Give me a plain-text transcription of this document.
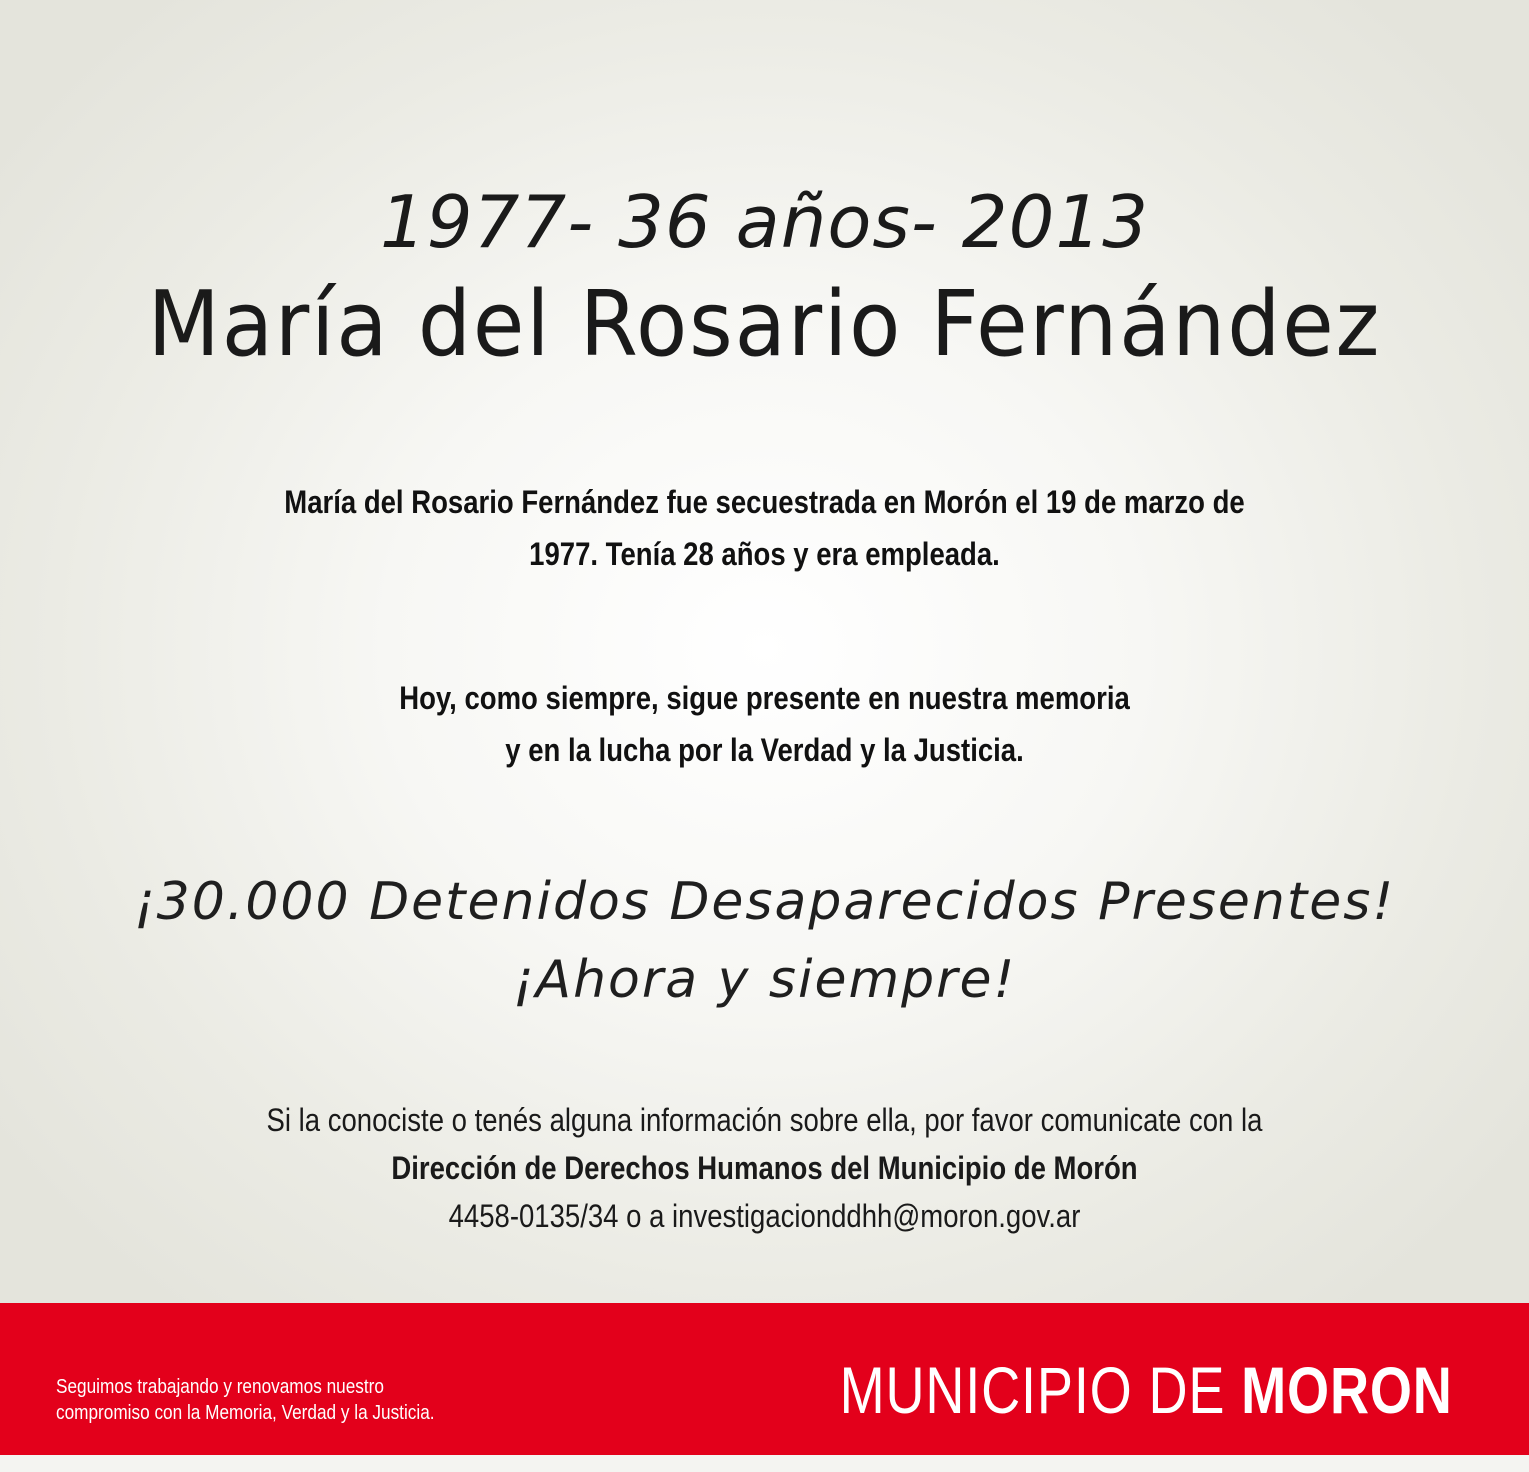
1977- 36 años- 2013
María del Rosario Fernández
María del Rosario Fernández fue secuestrada en Morón el 19 de marzo de
1977. Tenía 28 años y era empleada.
Hoy, como siempre, sigue presente en nuestra memoria
y en la lucha por la Verdad y la Justicia.
¡30.000 Detenidos Desaparecidos Presentes!
¡Ahora y siempre!
Si la conociste o tenés alguna información sobre ella, por favor comunicate con la
Dirección de Derechos Humanos del Municipio de Morón
4458-0135/34 o a investigacionddhh@moron.gov.ar
Seguimos trabajando y renovamos nuestro
compromiso con la Memoria, Verdad y la Justicia.	MUNICIPIO DE MORON
